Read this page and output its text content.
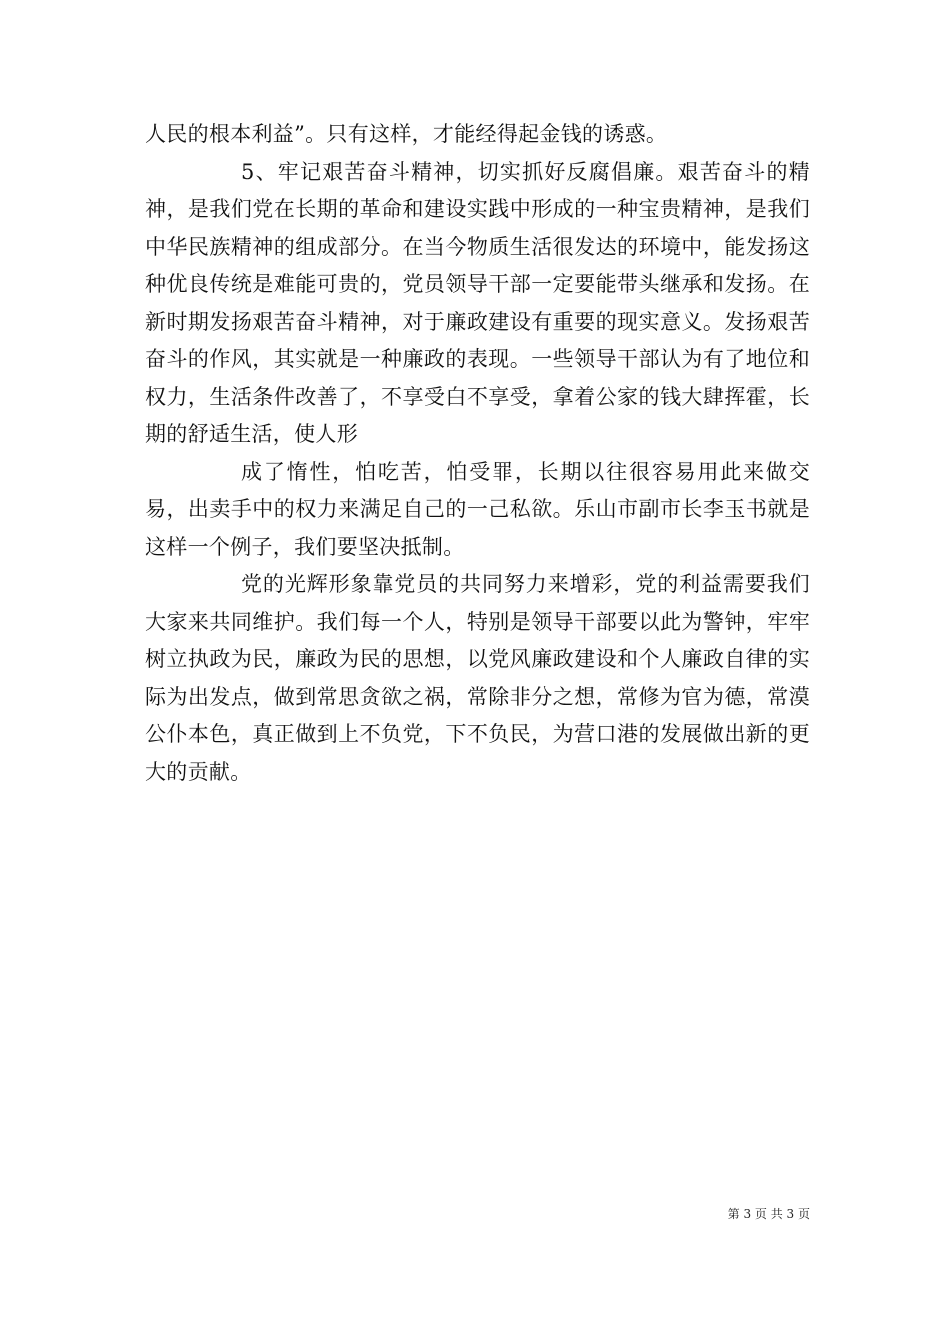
人民的根本利益”。只有这样，才能经得起金钱的诱惑。

5、牢记艰苦奋斗精神，切实抓好反腐倡廉。艰苦奋斗的精神，是我们党在长期的革命和建设实践中形成的一种宝贵精神，是我们中华民族精神的组成部分。在当今物质生活很发达的环境中，能发扬这种优良传统是难能可贵的，党员领导干部一定要能带头继承和发扬。在新时期发扬艰苦奋斗精神，对于廉政建设有重要的现实意义。发扬艰苦奋斗的作风，其实就是一种廉政的表现。一些领导干部认为有了地位和权力，生活条件改善了，不享受白不享受，拿着公家的钱大肆挥霍，长期的舒适生活，使人形

成了惰性，怕吃苦，怕受罪，长期以往很容易用此来做交易，出卖手中的权力来满足自己的一己私欲。乐山市副市长李玉书就是这样一个例子，我们要坚决抵制。

党的光辉形象靠党员的共同努力来增彩，党的利益需要我们大家来共同维护。我们每一个人，特别是领导干部要以此为警钟，牢牢树立执政为民，廉政为民的思想，以党风廉政建设和个人廉政自律的实际为出发点，做到常思贪欲之祸，常除非分之想，常修为官为德，常漠公仆本色，真正做到上不负党，下不负民，为营口港的发展做出新的更大的贡献。

第 3 页 共 3 页
